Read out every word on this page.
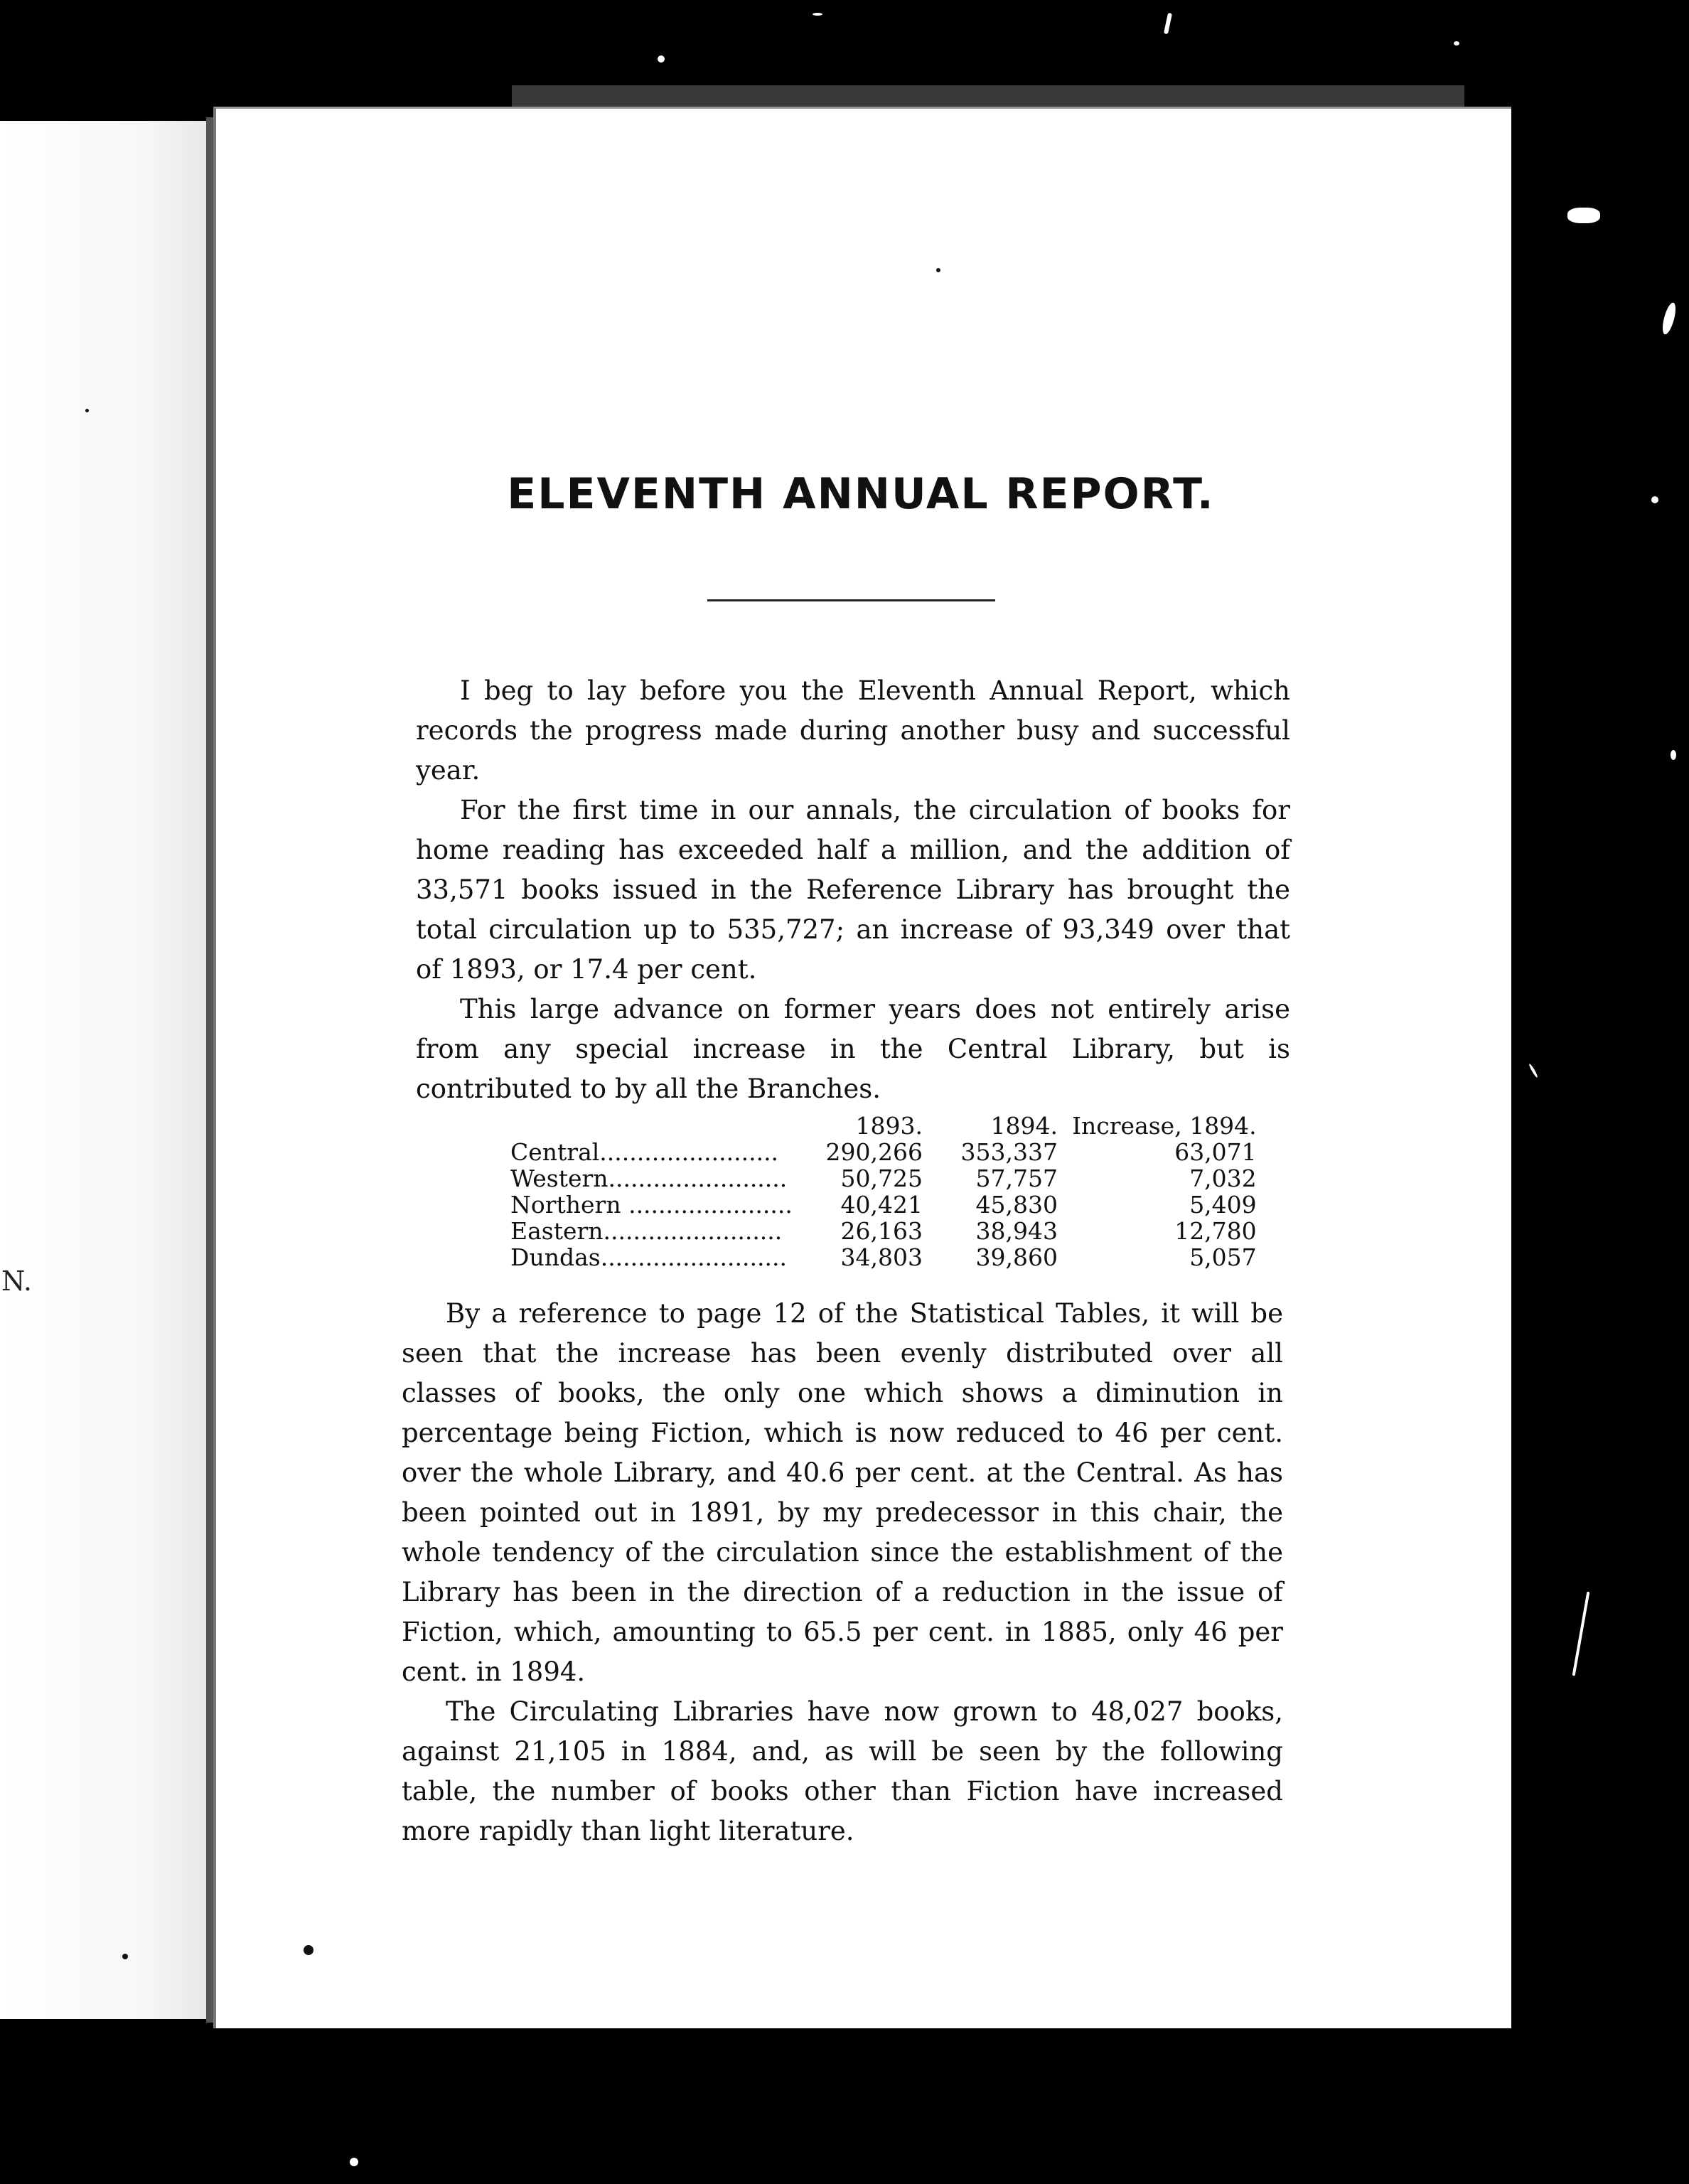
N.
ELEVENTH ANNUAL REPORT.

I beg to lay before you the Eleventh Annual Report, which records the progress made during another busy and successful year.

For the first time in our annals, the circulation of books for home reading has exceeded half a million, and the addition of 33,571 books issued in the Reference Library has brought the total circulation up to 535,727; an increase of 93,349 over that of 1893, or 17.4 per cent.

This large advance on former years does not entirely arise from any special increase in the Central Library, but is contributed to by all the Branches.

	1893.	1894.	Increase, 1894.
Central........................	290,266	353,337	63,071
Western........................	50,725	57,757	7,032
Northern ......................	40,421	45,830	5,409
Eastern........................	26,163	38,943	12,780
Dundas.........................	34,803	39,860	5,057

By a reference to page 12 of the Statistical Tables, it will be seen that the increase has been evenly distributed over all classes of books, the only one which shows a diminution in percentage being Fiction, which is now reduced to 46 per cent. over the whole Library, and 40.6 per cent. at the Central. As has been pointed out in 1891, by my predecessor in this chair, the whole tendency of the circulation since the establishment of the Library has been in the direction of a reduction in the issue of Fiction, which, amounting to 65.5 per cent. in 1885, only 46 per cent. in 1894.

The Circulating Libraries have now grown to 48,027 books, against 21,105 in 1884, and, as will be seen by the following table, the number of books other than Fiction have increased more rapidly than light literature.
